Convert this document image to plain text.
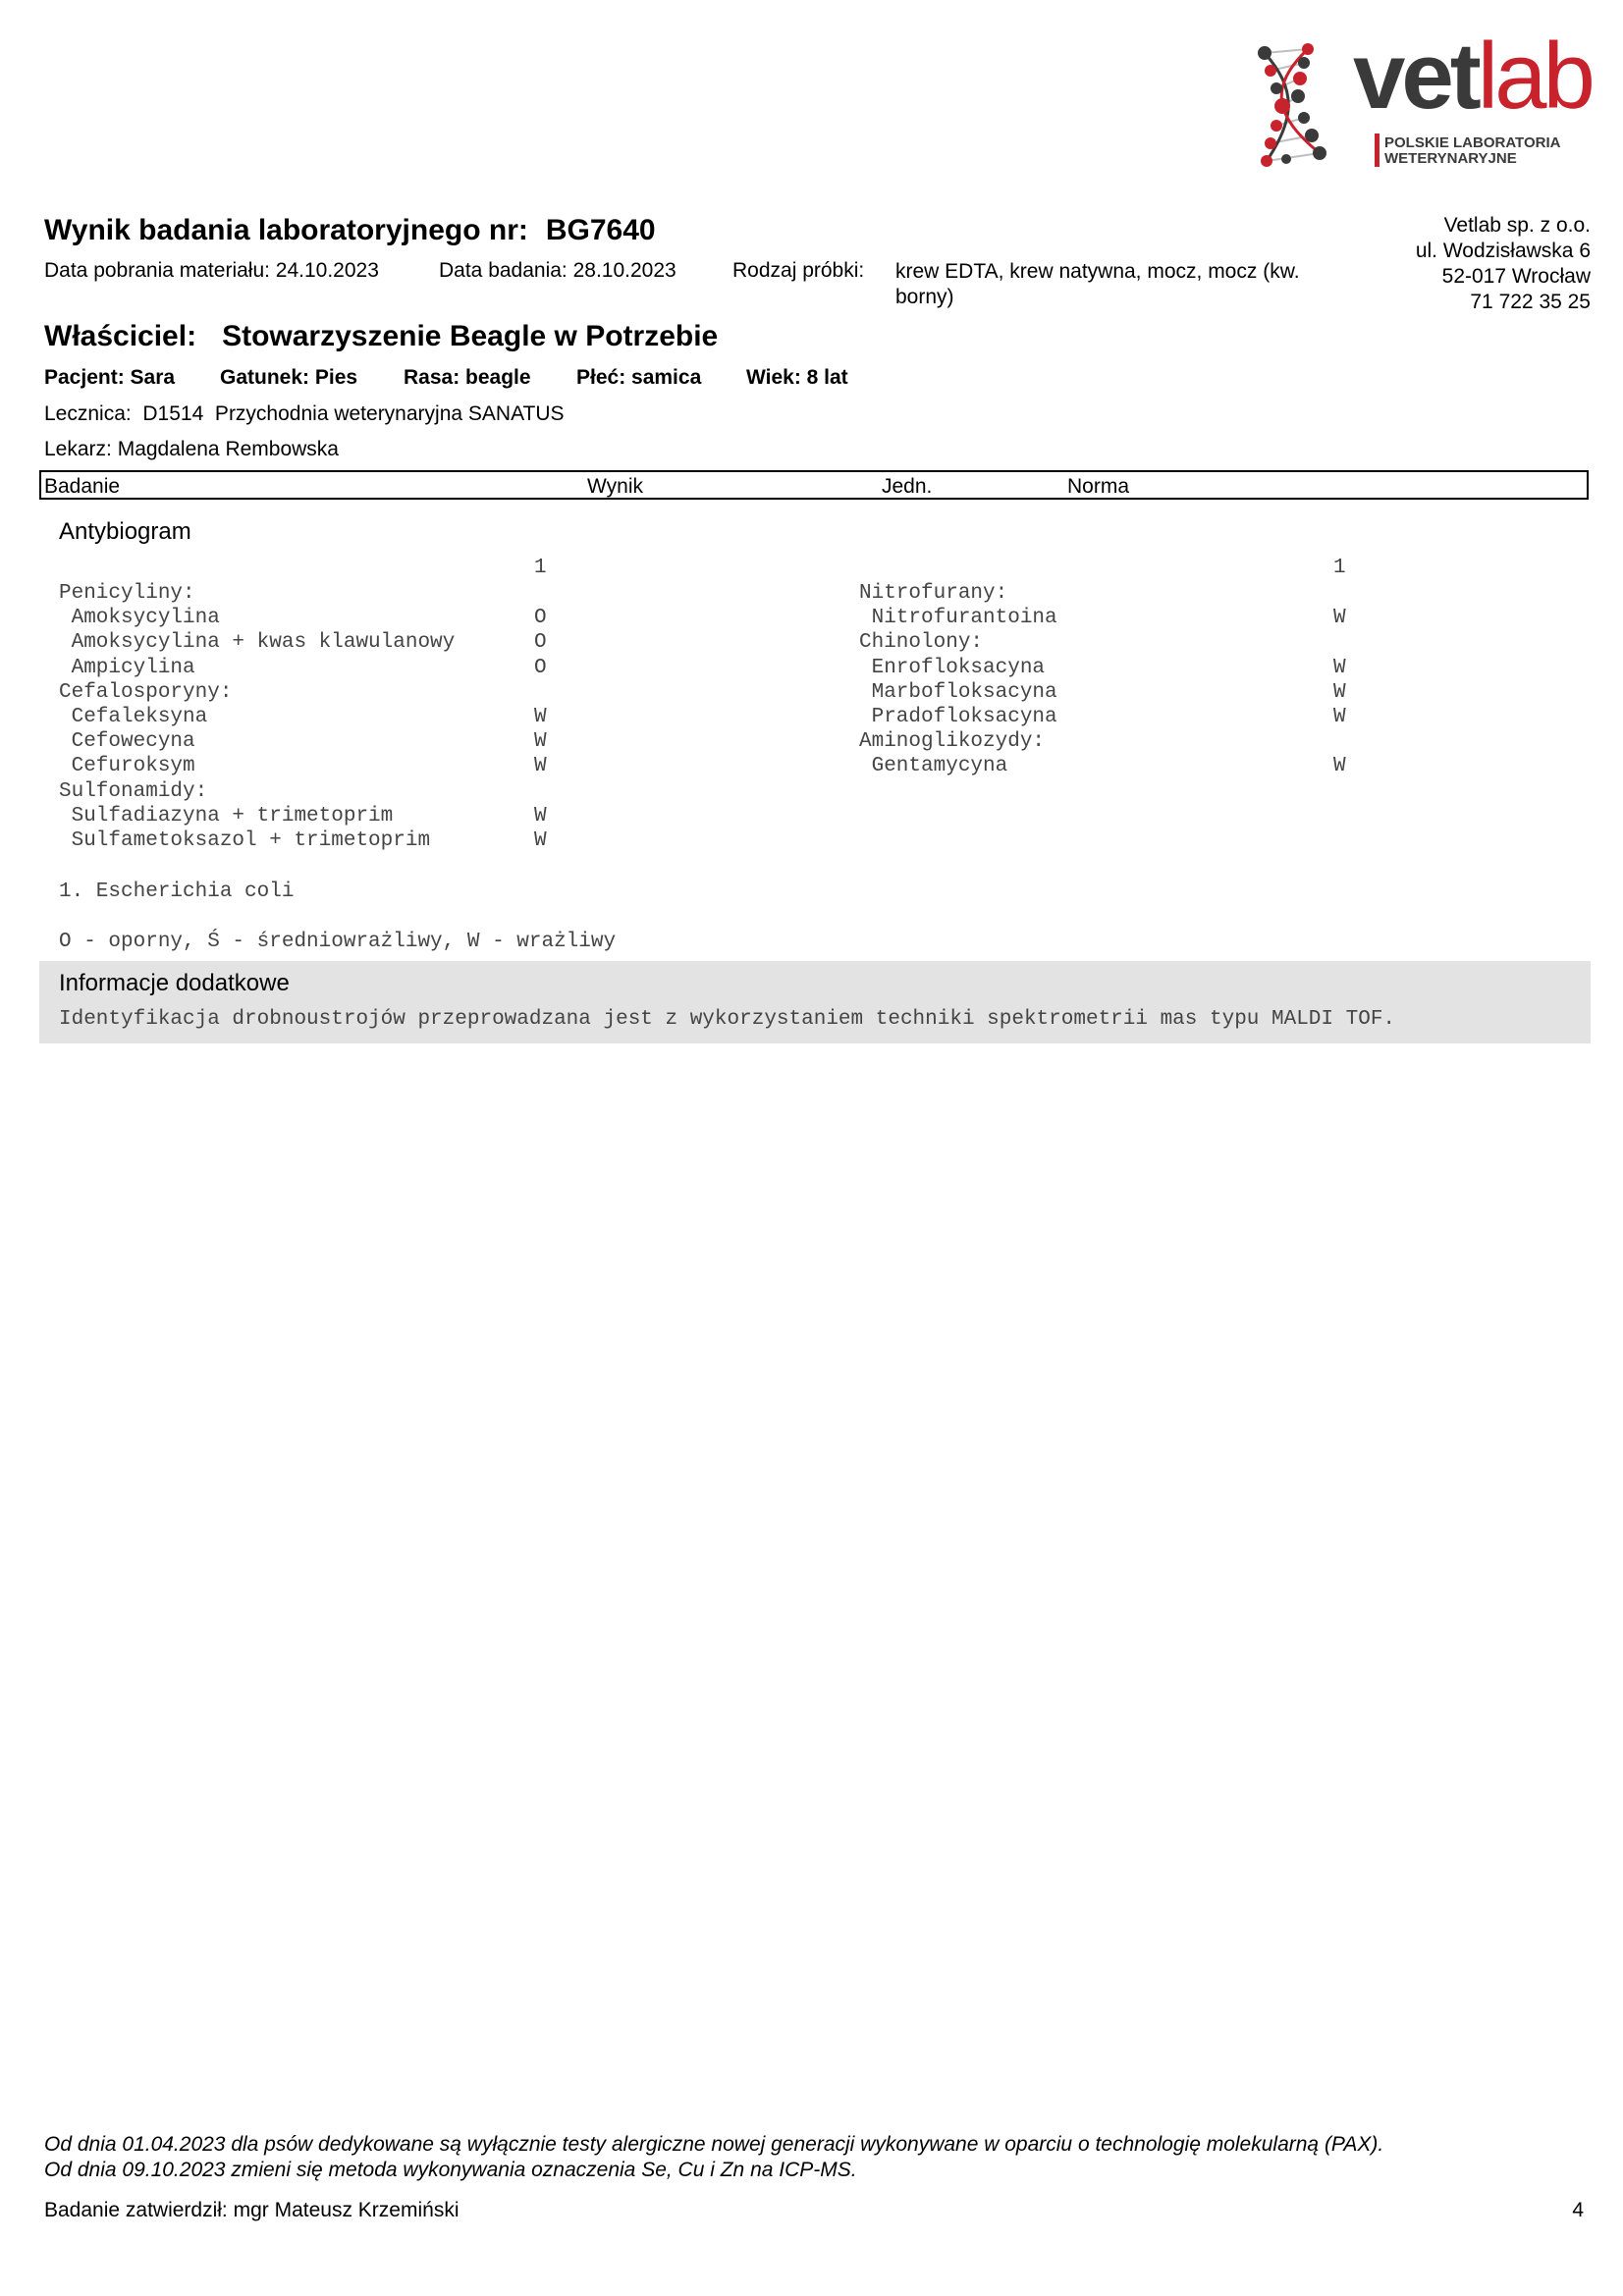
vetlab
POLSKIE LABORATORIA
WETERYNARYJNE
Wynik badania laboratoryjnego nr: BG7640	Vetlab sp. z o.o.
ul. Wodzisławska 6
52-017 Wrocław
71 722 35 25
Data pobrania materiału: 24.10.2023	Data badania: 28.10.2023	Rodzaj próbki: krew EDTA, krew natywna, mocz, mocz (kw. borny)
Właściciel: Stowarzyszenie Beagle w Potrzebie
Pacjent: Sara Gatunek: Pies Rasa: beagle Płeć: samica Wiek: 8 lat
Lecznica:  D1514  Przychodnia weterynaryjna SANATUS
Lekarz: Magdalena Rembowska
Badanie	Wynik	Jedn.	Norma
Antybiogram
1	1
Penicyliny:
Amoksycylina	O
Amoksycylina + kwas klawulanowy	O
Ampicylina	O
Cefalosporyny:
Cefaleksyna	W
Cefowecyna	W
Cefuroksym	W
Sulfonamidy:
Sulfadiazyna + trimetoprim	W
Sulfametoksazol + trimetoprim	W
Nitrofurany:
Nitrofurantoina	W
Chinolony:
Enrofloksacyna	W
Marbofloksacyna	W
Pradofloksacyna	W
Aminoglikozydy:
Gentamycyna	W
1. Escherichia coli
O - oporny, Ś - średniowrażliwy, W - wrażliwy
Informacje dodatkowe
Identyfikacja drobnoustrojów przeprowadzana jest z wykorzystaniem techniki spektrometrii mas typu MALDI TOF.
Od dnia 01.04.2023 dla psów dedykowane są wyłącznie testy alergiczne nowej generacji wykonywane w oparciu o technologię molekularną (PAX).
Od dnia 09.10.2023 zmieni się metoda wykonywania oznaczenia Se, Cu i Zn na ICP-MS.
Badanie zatwierdził: mgr Mateusz Krzemiński	4
